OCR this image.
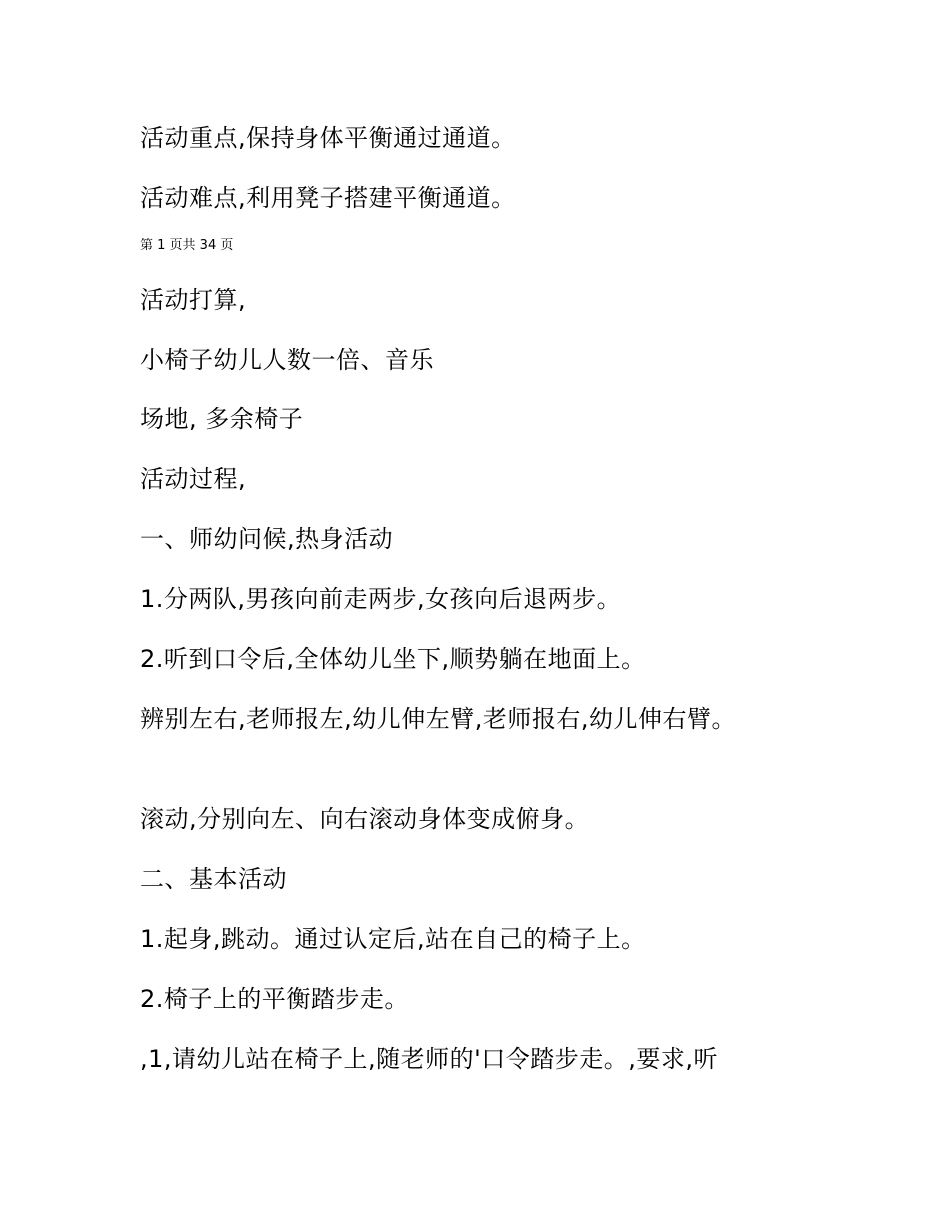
活动重点,保持身体平衡通过通道。
活动难点,利用凳子搭建平衡通道。
第 1 页共 34 页
活动打算,
小椅子幼儿人数一倍、音乐
场地, 多余椅子
活动过程,
一、师幼问候,热身活动
1.分两队,男孩向前走两步,女孩向后退两步。
2.听到口令后,全体幼儿坐下,顺势躺在地面上。
辨别左右,老师报左,幼儿伸左臂,老师报右,幼儿伸右臂。
滚动,分别向左、向右滚动身体变成俯身。
二、基本活动
1.起身,跳动。通过认定后,站在自己的椅子上。
2.椅子上的平衡踏步走。
,1,请幼儿站在椅子上,随老师的'口令踏步走。,要求,听
